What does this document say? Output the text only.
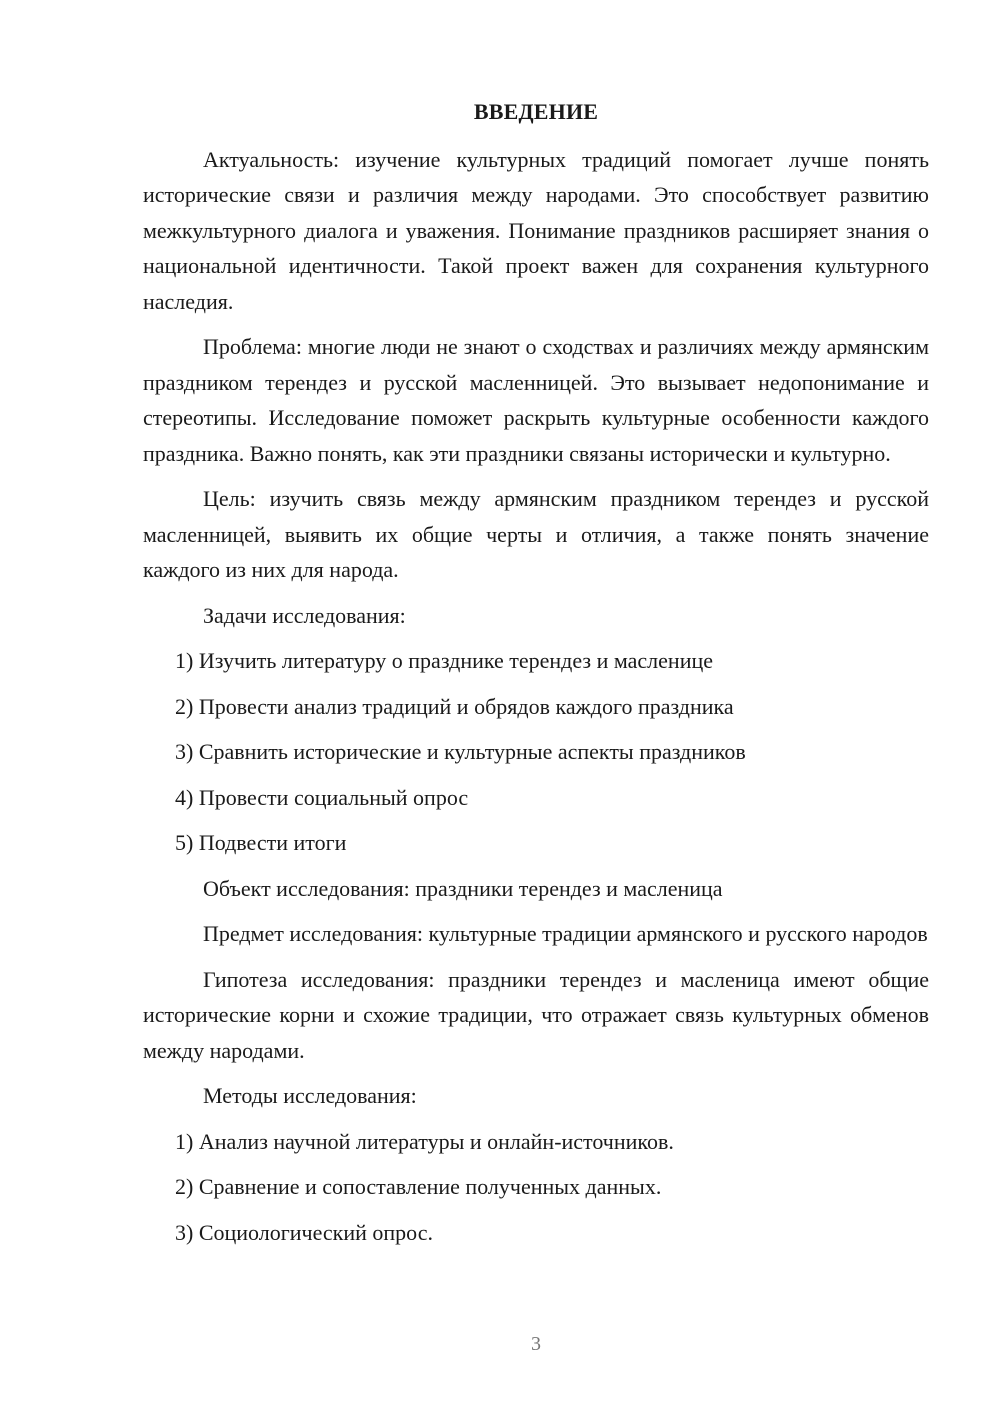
ВВЕДЕНИЕ
Актуальность: изучение культурных традиций помогает лучше понять исторические связи и различия между народами. Это способствует развитию межкультурного диалога и уважения. Понимание праздников расширяет знания о национальной идентичности. Такой проект важен для сохранения культурного наследия.
Проблема: многие люди не знают о сходствах и различиях между армянским праздником терендез и русской масленницей. Это вызывает недопонимание и стереотипы. Исследование поможет раскрыть культурные особенности каждого праздника. Важно понять, как эти праздники связаны исторически и культурно.
Цель: изучить связь между армянским праздником терендез и русской масленницей, выявить их общие черты и отличия, а также понять значение каждого из них для народа.
Задачи исследования:
1) Изучить литературу о празднике терендез и масленице
2) Провести анализ традиций и обрядов каждого праздника
3) Сравнить исторические и культурные аспекты праздников
4) Провести социальный опрос
5) Подвести итоги
Объект исследования: праздники терендез и масленица
Предмет исследования: культурные традиции армянского и русского народов
Гипотеза исследования: праздники терендез и масленица имеют общие исторические корни и схожие традиции, что отражает связь культурных обменов между народами.
Методы исследования:
1) Анализ научной литературы и онлайн-источников.
2) Сравнение и сопоставление полученных данных.
3) Социологический опрос.
3
